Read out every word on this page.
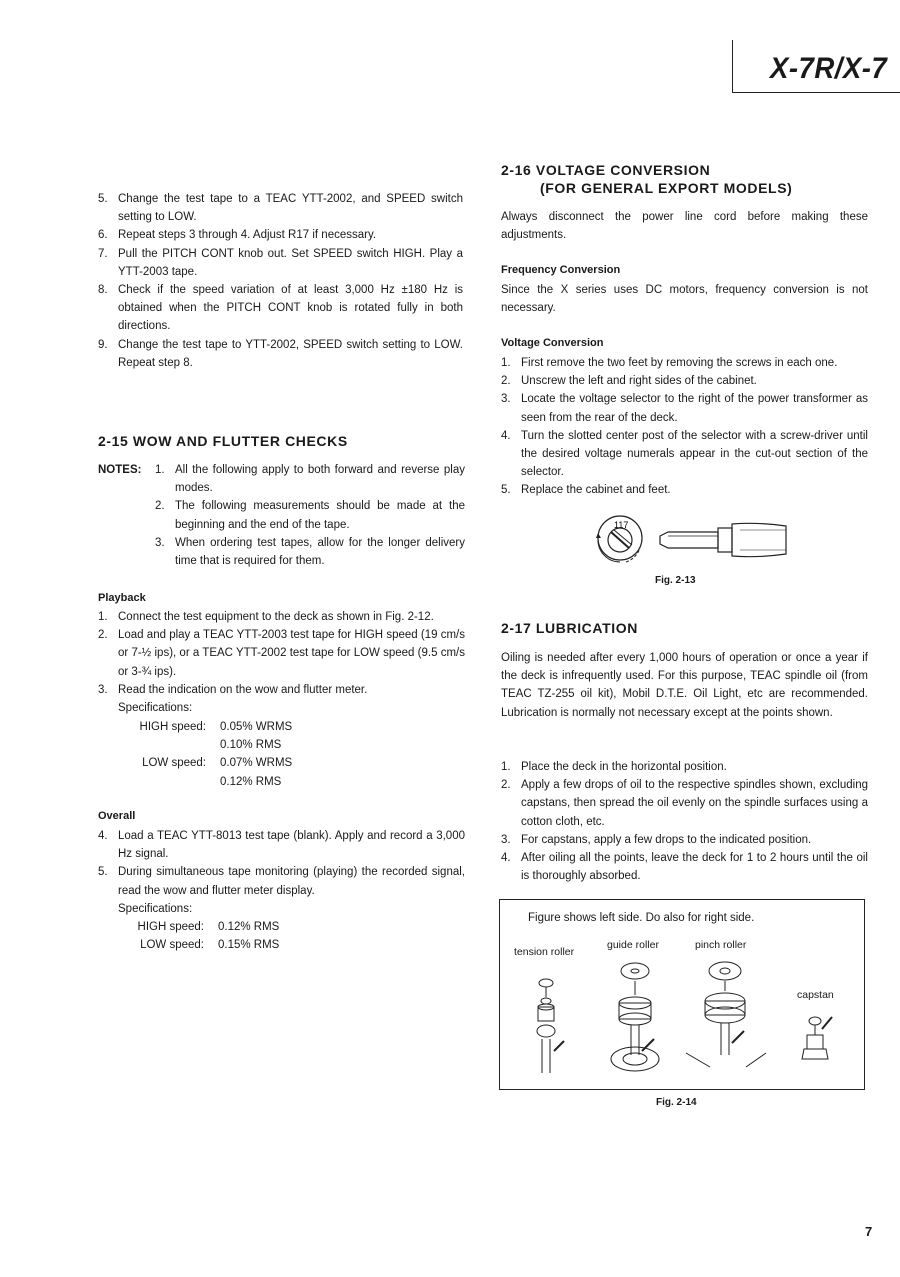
X-7R/X-7
5. Change the test tape to a TEAC YTT-2002, and SPEED switch setting to LOW.
6. Repeat steps 3 through 4. Adjust R17 if necessary.
7. Pull the PITCH CONT knob out. Set SPEED switch HIGH. Play a YTT-2003 tape.
8. Check if the speed variation of at least 3,000 Hz ±180 Hz is obtained when the PITCH CONT knob is rotated fully in both directions.
9. Change the test tape to YTT-2002, SPEED switch setting to LOW. Repeat step 8.
2-15 WOW AND FLUTTER CHECKS
NOTES: 1. All the following apply to both forward and reverse play modes.
2. The following measurements should be made at the beginning and the end of the tape.
3. When ordering test tapes, allow for the longer delivery time that is required for them.
Playback
1. Connect the test equipment to the deck as shown in Fig. 2-12.
2. Load and play a TEAC YTT-2003 test tape for HIGH speed (19 cm/s or 7-½ ips), or a TEAC YTT-2002 test tape for LOW speed (9.5 cm/s or 3-¾ ips).
3. Read the indication on the wow and flutter meter.
Specifications:
HIGH speed: 0.05% WRMS
0.10% RMS
LOW speed: 0.07% WRMS
0.12% RMS
Overall
4. Load a TEAC YTT-8013 test tape (blank). Apply and record a 3,000 Hz signal.
5. During simultaneous tape monitoring (playing) the recorded signal, read the wow and flutter meter display.
Specifications:
HIGH speed: 0.12% RMS
LOW speed: 0.15% RMS
2-16 VOLTAGE CONVERSION
(FOR GENERAL EXPORT MODELS)
Always disconnect the power line cord before making these adjustments.
Frequency Conversion
Since the X series uses DC motors, frequency conversion is not necessary.
Voltage Conversion
1. First remove the two feet by removing the screws in each one.
2. Unscrew the left and right sides of the cabinet.
3. Locate the voltage selector to the right of the power transformer as seen from the rear of the deck.
4. Turn the slotted center post of the selector with a screw-driver until the desired voltage numerals appear in the cut-out section of the selector.
5. Replace the cabinet and feet.
117
Fig. 2-13
2-17 LUBRICATION
Oiling is needed after every 1,000 hours of operation or once a year if the deck is infrequently used. For this purpose, TEAC spindle oil (from TEAC TZ-255 oil kit), Mobil D.T.E. Oil Light, etc are recommended. Lubrication is normally not necessary except at the points shown.
1. Place the deck in the horizontal position.
2. Apply a few drops of oil to the respective spindles shown, excluding capstans, then spread the oil evenly on the spindle surfaces using a cotton cloth, etc.
3. For capstans, apply a few drops to the indicated position.
4. After oiling all the points, leave the deck for 1 to 2 hours until the oil is thoroughly absorbed.
Figure shows left side. Do also for right side.
tension roller
guide roller	pinch roller
capstan
Fig. 2-14
7
